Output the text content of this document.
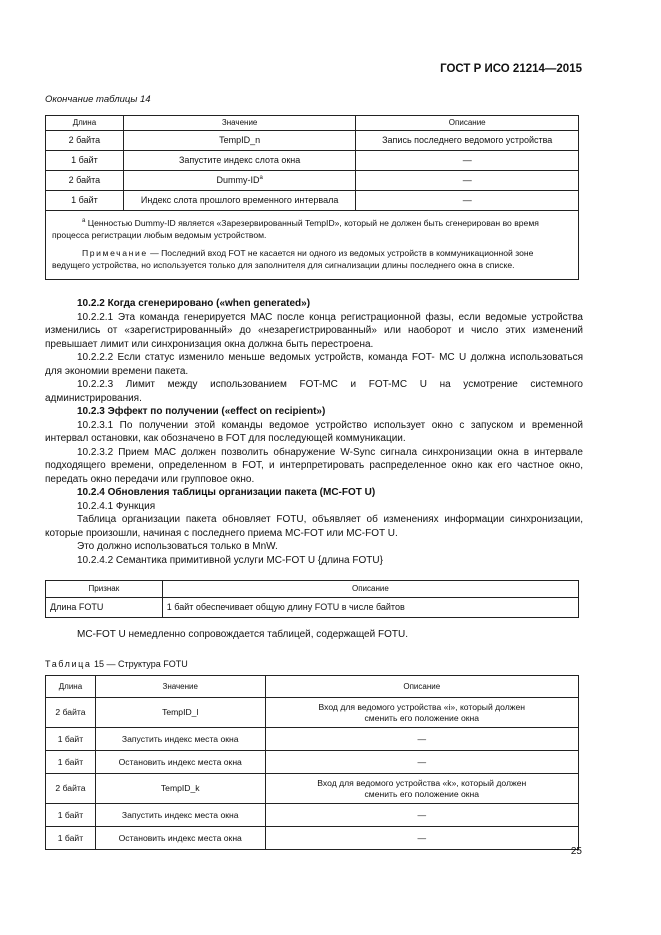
ГОСТ Р ИСО 21214—2015
Окончание таблицы 14
Длина	Значение	Описание
2 байта	TempID_n	Запись последнего ведомого устройства
1 байт	Запустите индекс слота окна	—
2 байта	Dummy-$ID^a$	—
1 байт	Индекс слота прошлого временного интервала	—

$^a$ Ценностью Dummy-ID является «Зарезервированный TempID», который не должен быть сгенерирован во время процесса регистрации любым ведомым устройством.

Примечание — Последний вход FOT не касается ни одного из ведомых устройств в коммуникационной зоне ведущего устройства, но используется только для заполнителя для сигнализации длины последнего окна в списке.		

10.2.2 Когда сгенерировано («when generated»)

10.2.2.1 Эта команда генерируется МАС после конца регистрационной фазы, если ведомые устройства изменились от «зарегистрированный» до «незарегистрированный» или наоборот и число этих изменений превышает лимит или синхронизация окна должна быть перестроена.

10.2.2.2 Если статус изменило меньше ведомых устройств, команда FOT- MC U должна использоваться для экономии времени пакета.

10.2.2.3 Лимит между использованием FOT-MC и FOT-MC U на усмотрение системного администрирования.

10.2.3 Эффект по получении («effect on recipient»)

10.2.3.1 По получении этой команды ведомое устройство использует окно с запуском и временной интервал остановки, как обозначено в FOT для последующей коммуникации.

10.2.3.2 Прием МАС должен позволить обнаружение W-Sync сигнала синхронизации окна в интервале подходящего времени, определенном в FOT, и интерпретировать распределенное окно как его частное окно, передать окно передачи или групповое окно.

10.2.4 Обновления таблицы организации пакета (MC-FOT U)

10.2.4.1 Функция

Таблица организации пакета обновляет FOTU, объявляет об изменениях информации синхронизации, которые произошли, начиная с последнего приема MC-FOT или MC-FOT U.

Это должно использоваться только в MnW.

10.2.4.2 Семантика примитивной услуги MC-FOT U {длина FOTU}

Признак	Описание
Длина FOTU	1 байт обеспечивает общую длину FOTU в числе байтов
MC-FOT U немедленно сопровождается таблицей, содержащей FOTU.
Таблица 15 — Структура FOTU
Длина	Значение	Описание
2 байта	TempID_l	Вход для ведомого устройства «i», который должен сменить его положение окна
1 байт	Запустить индекс места окна	—
1 байт	Остановить индекс места окна	—
2 байта	TempID_k	Вход для ведомого устройства «k», который должен сменить его положение окна
1 байт	Запустить индекс места окна	—
1 байт	Остановить индекс места окна	—
25
